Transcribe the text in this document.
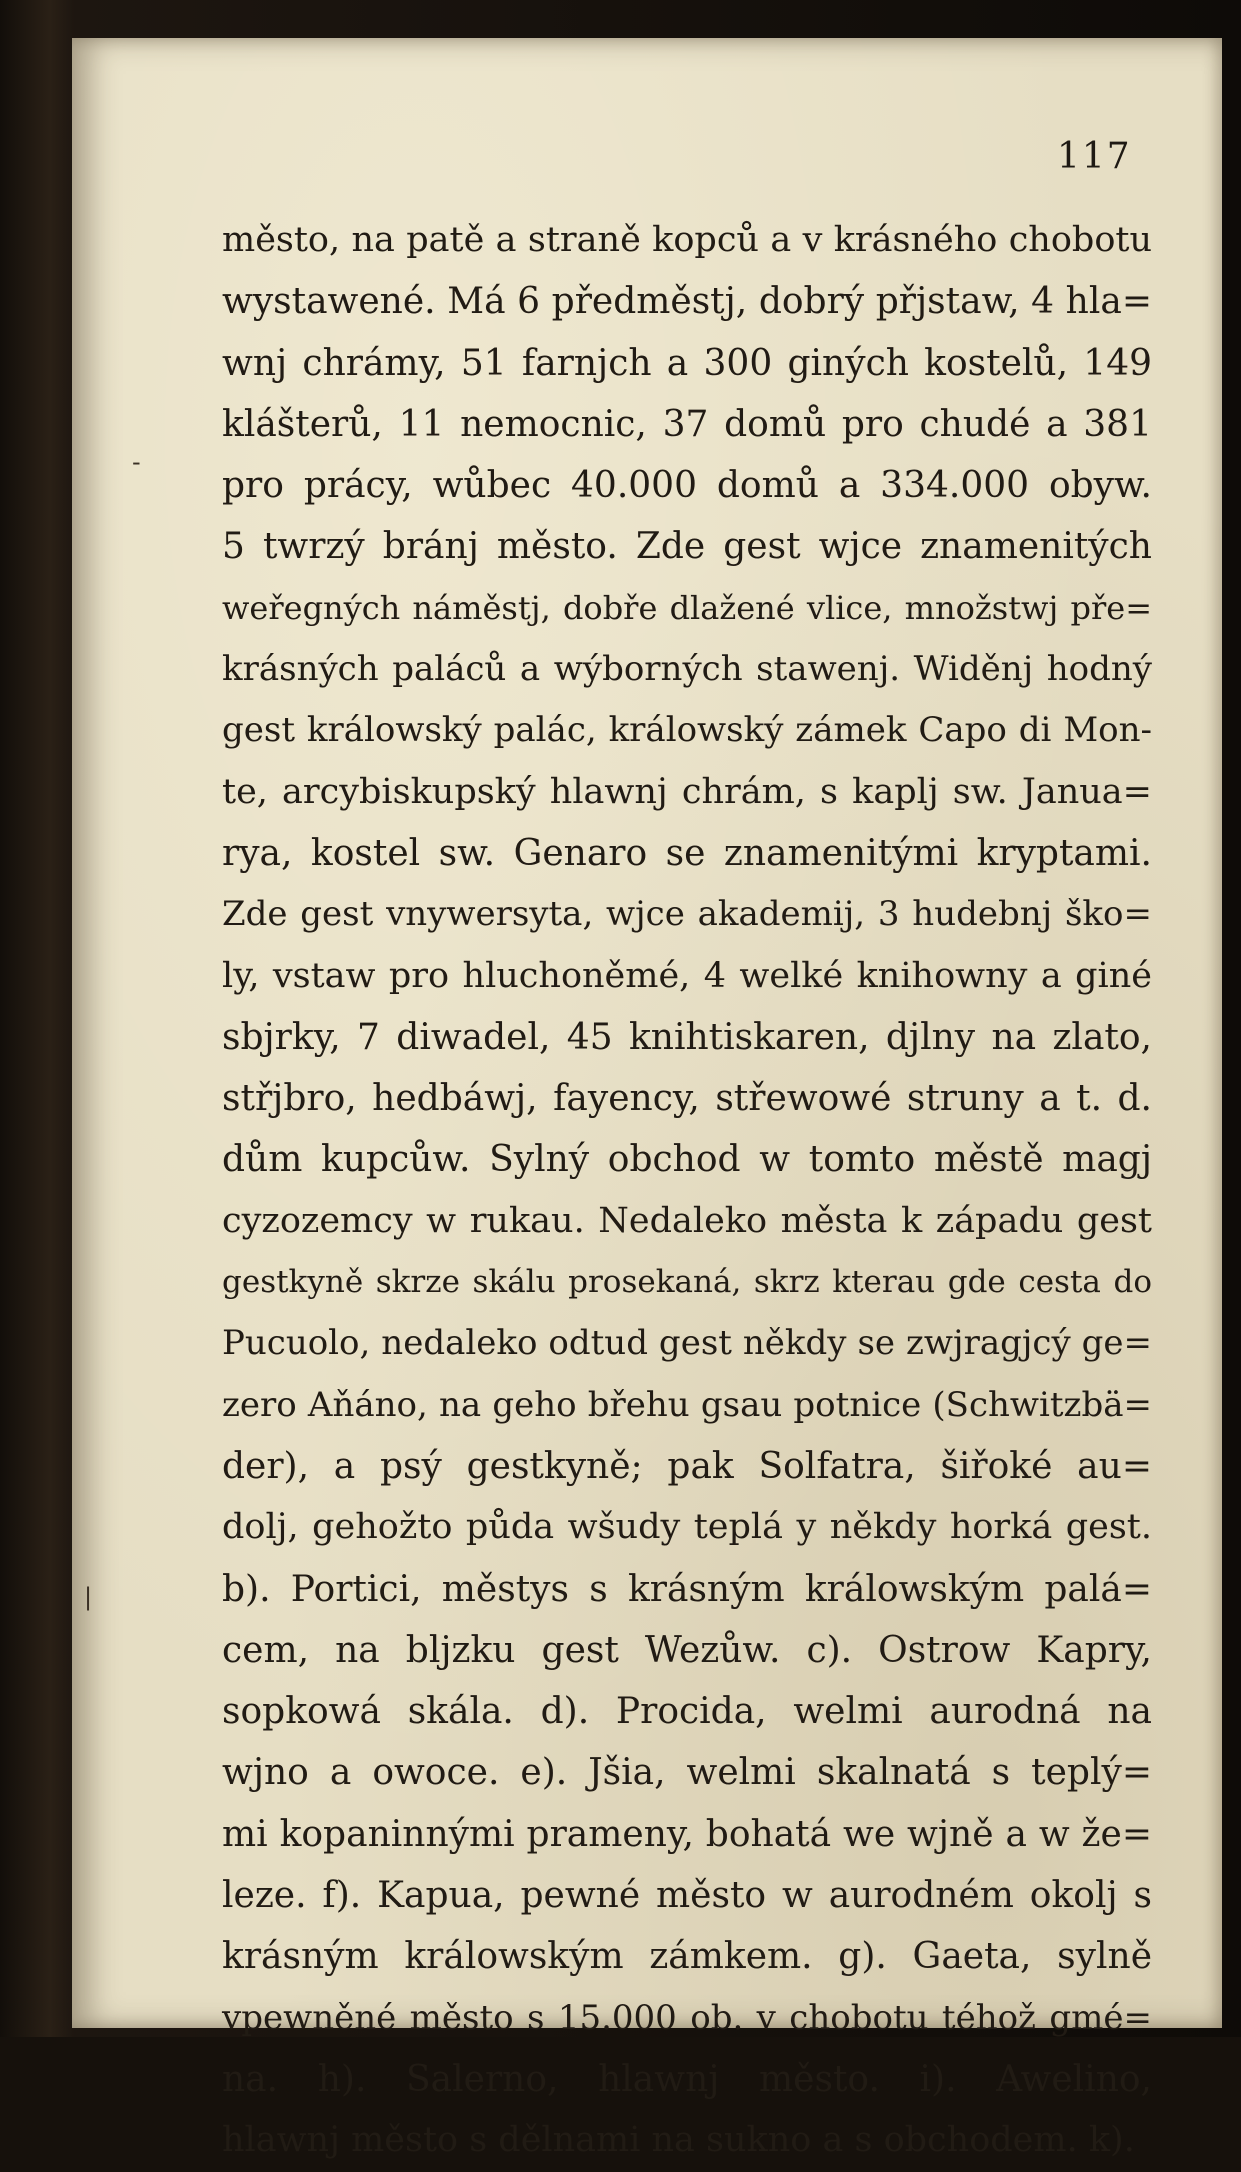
117
-
|
město, na patě a straně kopců a v krásného chobotu
wystawené. Má 6 předměstj, dobrý přjstaw, 4 hla=
wnj chrámy, 51 farnjch a 300 giných kostelů, 149
klášterů, 11 nemocnic, 37 domů pro chudé a 381
pro prácy, wůbec 40.000 domů a 334.000 obyw.
5 twrzý bránj město. Zde gest wjce znamenitých
weřegných náměstj, dobře dlažené vlice, množstwj pře=
krásných paláců a wýborných stawenj. Widěnj hodný
gest králowský palác, králowský zámek Capo di Mon-
te, arcybiskupský hlawnj chrám, s kaplj sw. Janua=
rya, kostel sw. Genaro se znamenitými kryptami.
Zde gest vnywersyta, wjce akademij, 3 hudebnj ško=
ly, vstaw pro hluchoněmé, 4 welké knihowny a giné
sbjrky, 7 diwadel, 45 knihtiskaren, djlny na zlato,
střjbro, hedbáwj, fayency, střewowé struny a t. d.
dům kupcůw. Sylný obchod w tomto městě magj
cyzozemcy w rukau. Nedaleko města k západu gest
gestkyně skrze skálu prosekaná, skrz kterau gde cesta do
Pucuolo, nedaleko odtud gest někdy se zwjragjcý ge=
zero Aňáno, na geho břehu gsau potnice (Schwitzbä=
der), a psý gestkyně; pak Solfatra, šiřoké au=
dolj, gehožto půda wšudy teplá y někdy horká gest.
b). Portici, městys s krásným králowským palá=
cem, na bljzku gest Wezůw. c). Ostrow Kapry,
sopkowá skála. d). Procida, welmi aurodná na
wjno a owoce. e). Jšia, welmi skalnatá s teplý=
mi kopaninnými prameny, bohatá we wjně a w že=
leze. f). Kapua, pewné město w aurodném okolj s
krásným králowským zámkem. g). Gaeta, sylně
vpewněné město s 15.000 ob. v chobotu téhož gmé=
na. h). Salerno, hlawnj město. i). Awelino,
hlawnj město s dělnami na sukno a s obchodem. k).
